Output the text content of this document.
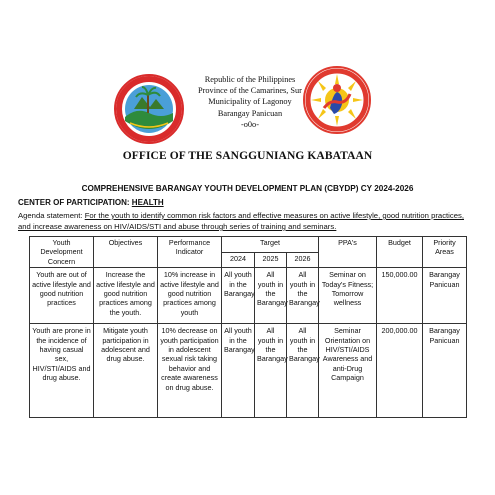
Republic of the Philippines
Province of the Camarines, Sur
Municipality of Lagonoy
Barangay Panicuan
-o0o-
OFFICE OF THE SANGGUNIANG KABATAAN
COMPREHENSIVE BARANGAY YOUTH DEVELOPMENT PLAN (CBYDP) CY 2024-2026
CENTER OF PARTICIPATION: HEALTH
Agenda statement: For the youth to identify common risk factors and effective measures on active lifestyle, good nutrition practices, and increase awareness on HIV/AIDS/STI and abuse through series of training and seminars.
Youth Development Concern	Objectives	Performance Indicator	Target			PPA's	Budget	Priority Areas
			2024	2025	2026			
Youth are out of active lifestyle and good nutrition practices	Increase the active lifestyle and good nutrition practices among the youth.	10% increase in active lifestyle and good nutrition practices among youth	All youth in the Barangay	All youth in the Barangay	All youth in the Barangay	Seminar on Today's Fitness; Tomorrow wellness	150,000.00	Barangay Panicuan
Youth are prone in the incidence of having casual sex, HIV/STI/AIDS and drug abuse.	Mitigate youth participation in adolescent and drug abuse.	10% decrease on youth participation in adolescent sexual risk taking behavior and create awareness on drug abuse.	All youth in the Barangay	All youth in the Barangay	All youth in the Barangay	Seminar Orientation on HIV/STI/AIDS Awareness and anti-Drug Campaign	200,000.00	Barangay Panicuan
